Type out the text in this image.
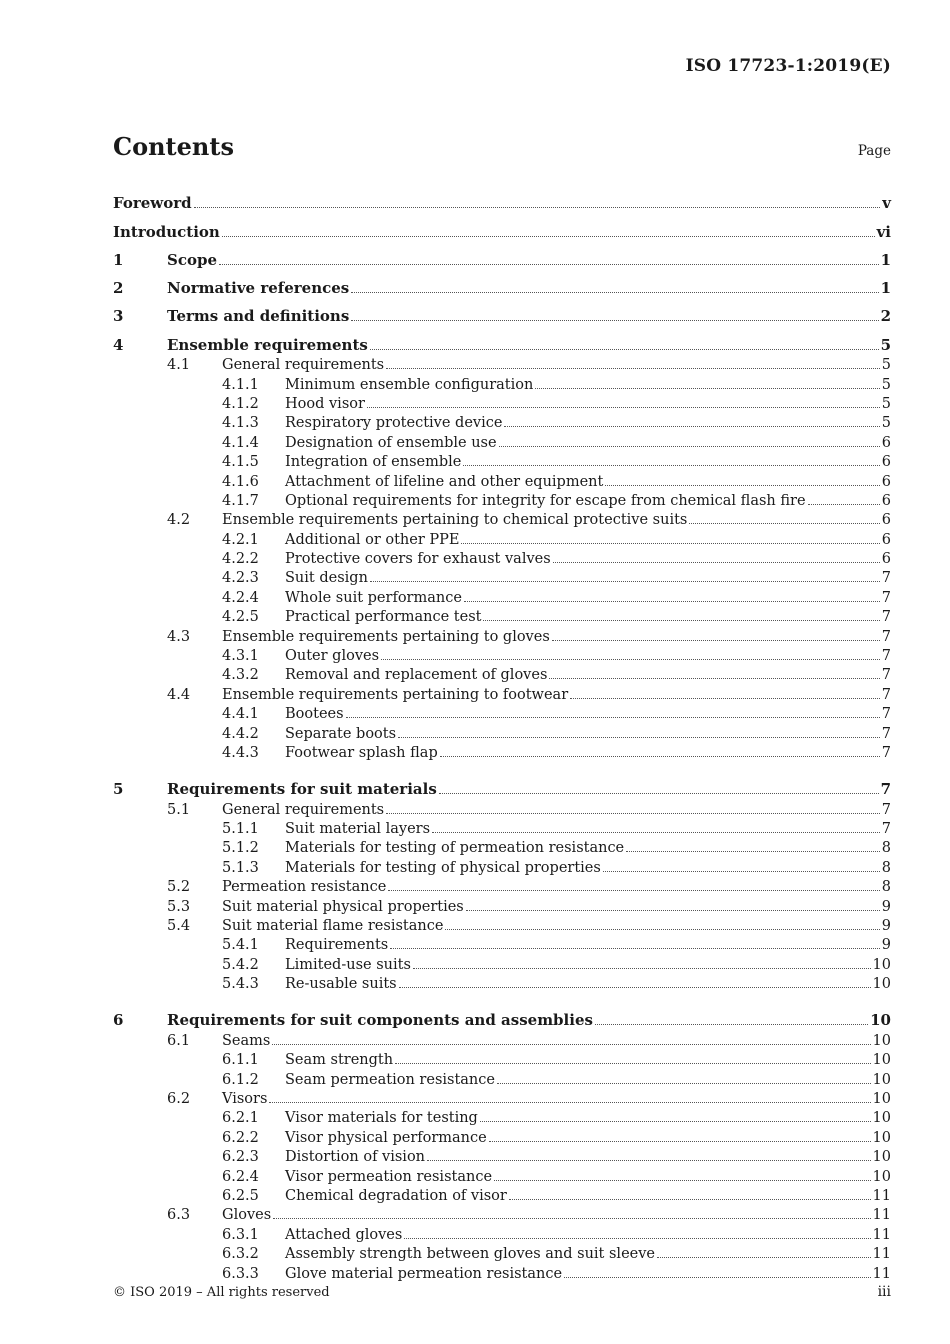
ISO 17723-1:2019(E)
Contents	Page
Foreword	v
Introduction	vi
1	Scope	1
2	Normative references	1
3	Terms and definitions	2
4	Ensemble requirements	5
4.1 General requirements	5
4.1.1 Minimum ensemble configuration	5
4.1.2 Hood visor	5
4.1.3 Respiratory protective device	5
4.1.4 Designation of ensemble use	6
4.1.5 Integration of ensemble	6
4.1.6 Attachment of lifeline and other equipment	6
4.1.7 Optional requirements for integrity for escape from chemical flash fire	6
4.2 Ensemble requirements pertaining to chemical protective suits	6
4.2.1 Additional or other PPE	6
4.2.2 Protective covers for exhaust valves	6
4.2.3 Suit design	7
4.2.4 Whole suit performance	7
4.2.5 Practical performance test	7
4.3 Ensemble requirements pertaining to gloves	7
4.3.1 Outer gloves	7
4.3.2 Removal and replacement of gloves	7
4.4 Ensemble requirements pertaining to footwear	7
4.4.1 Bootees	7
4.4.2 Separate boots	7
4.4.3 Footwear splash flap	7
5	Requirements for suit materials	7
5.1 General requirements	7
5.1.1 Suit material layers	7
5.1.2 Materials for testing of permeation resistance	8
5.1.3 Materials for testing of physical properties	8
5.2 Permeation resistance	8
5.3 Suit material physical properties	9
5.4 Suit material flame resistance	9
5.4.1 Requirements	9
5.4.2 Limited-use suits	10
5.4.3 Re-usable suits	10
6	Requirements for suit components and assemblies	10
6.1 Seams	10
6.1.1 Seam strength	10
6.1.2 Seam permeation resistance	10
6.2 Visors	10
6.2.1 Visor materials for testing	10
6.2.2 Visor physical performance	10
6.2.3 Distortion of vision	10
6.2.4 Visor permeation resistance	10
6.2.5 Chemical degradation of visor	11
6.3 Gloves	11
6.3.1 Attached gloves	11
6.3.2 Assembly strength between gloves and suit sleeve	11
6.3.3 Glove material permeation resistance	11
© ISO 2019 – All rights reserved	iii
